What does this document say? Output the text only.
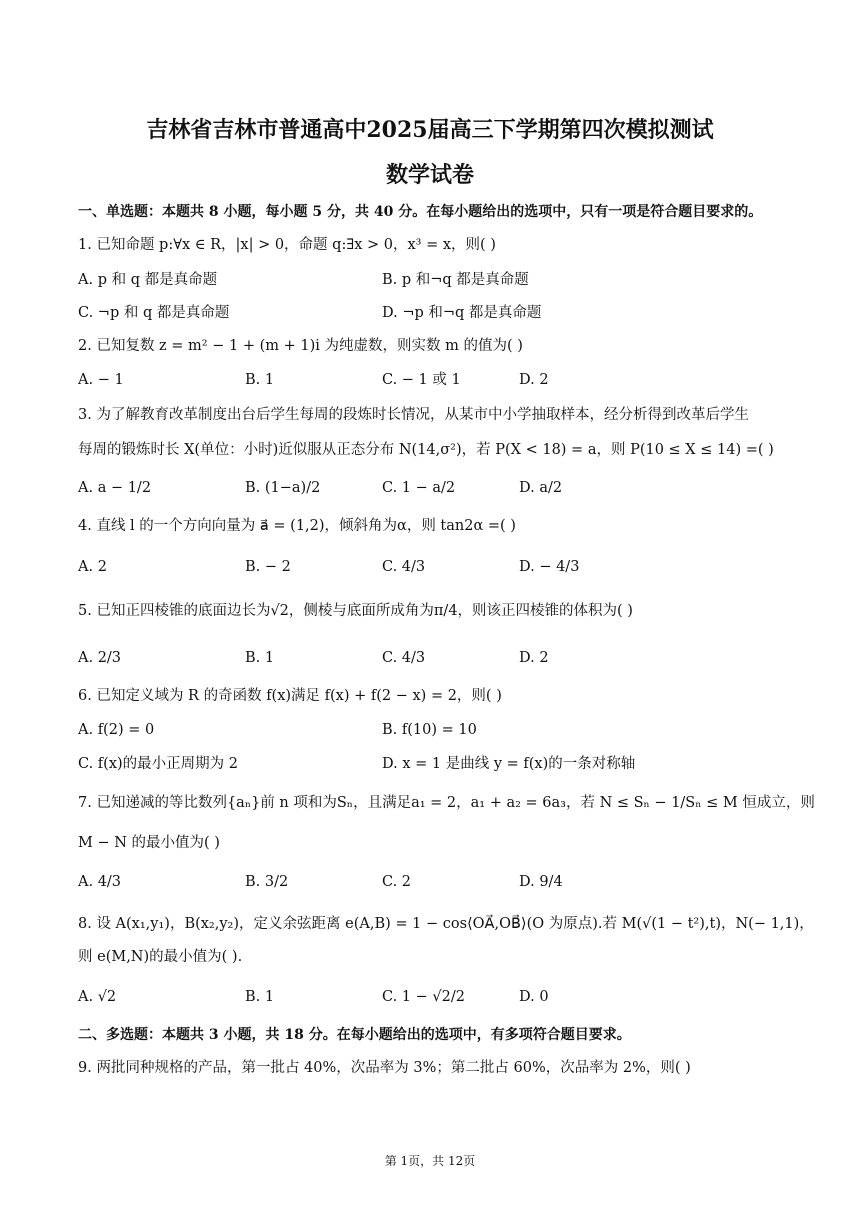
吉林省吉林市普通高中2025届高三下学期第四次模拟测试
数学试卷
一、单选题：本题共 8 小题，每小题 5 分，共 40 分。在每小题给出的选项中，只有一项是符合题目要求的。
1. 已知命题 p:∀x ∈ R，|x| > 0，命题 q:∃x > 0，x³ = x，则( )
A. p 和 q 都是真命题	B. p 和¬q 都是真命题
C. ¬p 和 q 都是真命题	D. ¬p 和¬q 都是真命题
2. 已知复数 z = m² − 1 + (m + 1)i 为纯虚数，则实数 m 的值为( )
A. − 1	B. 1	C. − 1 或 1	D. 2
3. 为了解教育改革制度出台后学生每周的段炼时长情况，从某市中小学抽取样本，经分析得到改革后学生
每周的锻炼时长 X(单位：小时)近似服从正态分布 N(14,σ²)，若 P(X < 18) = a，则 P(10 ≤ X ≤ 14) =( )
A. a − 1/2	B. (1−a)/2	C. 1 − a/2	D. a/2
4. 直线 l 的一个方向向量为 a⃗ = (1,2)，倾斜角为α，则 tan2α =( )
A. 2	B. − 2	C. 4/3	D. − 4/3
5. 已知正四棱锥的底面边长为√2，侧棱与底面所成角为π/4，则该正四棱锥的体积为( )
A. 2/3	B. 1	C. 4/3	D. 2
6. 已知定义域为 R 的奇函数 f(x)满足 f(x) + f(2 − x) = 2，则( )
A. f(2) = 0	B. f(10) = 10
C. f(x)的最小正周期为 2	D. x = 1 是曲线 y = f(x)的一条对称轴
7. 已知递减的等比数列{aₙ}前 n 项和为Sₙ，且满足a₁ = 2，a₁ + a₂ = 6a₃，若 N ≤ Sₙ − 1/Sₙ ≤ M 恒成立，则
M − N 的最小值为( )
A. 4/3	B. 3/2	C. 2	D. 9/4
8. 设 A(x₁,y₁)，B(x₂,y₂)，定义余弦距离 e(A,B) = 1 − cos⟨OA⃗,OB⃗⟩(O 为原点).若 M(√(1 − t²),t)，N(− 1,1)，
则 e(M,N)的最小值为( ).
A. √2	B. 1	C. 1 − √2/2	D. 0
二、多选题：本题共 3 小题，共 18 分。在每小题给出的选项中，有多项符合题目要求。
9. 两批同种规格的产品，第一批占 40%，次品率为 3%；第二批占 60%，次品率为 2%，则( )
第 1页，共 12页
